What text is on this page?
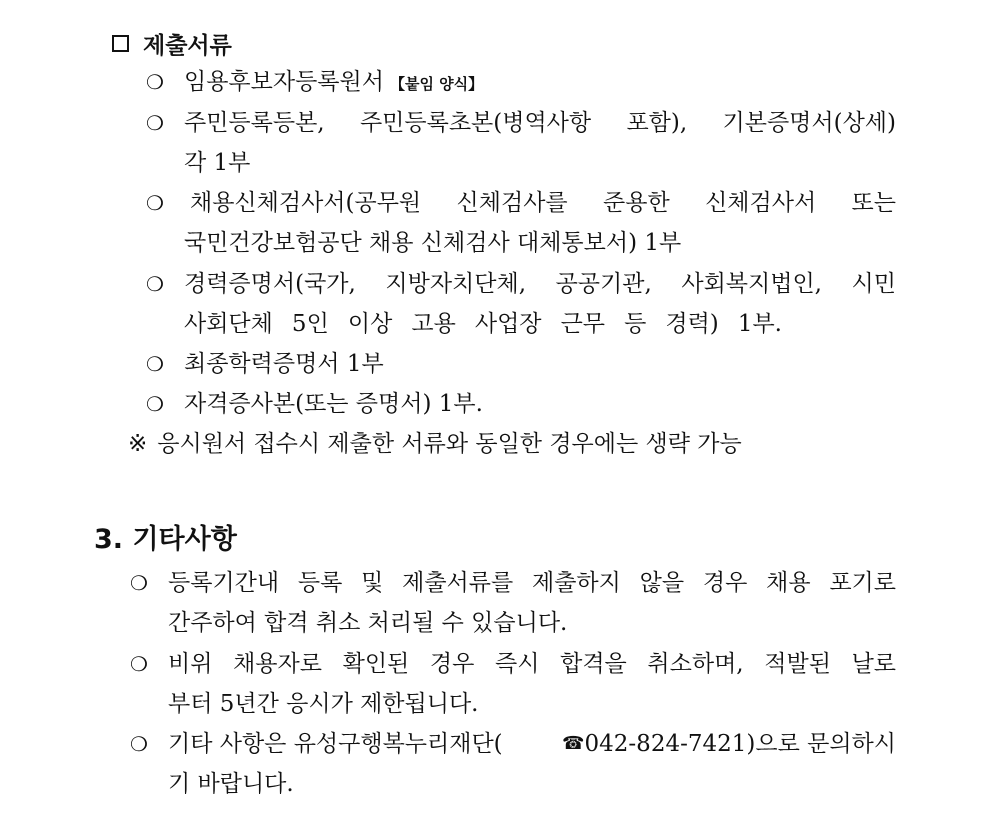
제출서류
❍ 임용후보자등록원서 【붙임 양식】
❍ 주민등록등본, 주민등록초본(병역사항 포함), 기본증명서(상세)
각 1부
❍ 채용신체검사서(공무원 신체검사를 준용한 신체검사서 또는
국민건강보험공단 채용 신체검사 대체통보서) 1부
❍ 경력증명서(국가, 지방자치단체, 공공기관, 사회복지법인, 시민
사회단체 5인 이상 고용 사업장 근무 등 경력) 1부.
❍ 최종학력증명서 1부
❍ 자격증사본(또는 증명서) 1부.
※ 응시원서 접수시 제출한 서류와 동일한 경우에는 생략 가능
3. 기타사항
❍ 등록기간내 등록 및 제출서류를 제출하지 않을 경우 채용 포기로
간주하여 합격 취소 처리될 수 있습니다.
❍ 비위 채용자로 확인된 경우 즉시 합격을 취소하며, 적발된 날로
부터 5년간 응시가 제한됩니다.
❍ 기타 사항은 유성구행복누리재단(	☎ 042-824-7421 )으로 문의하시
기 바랍니다.
